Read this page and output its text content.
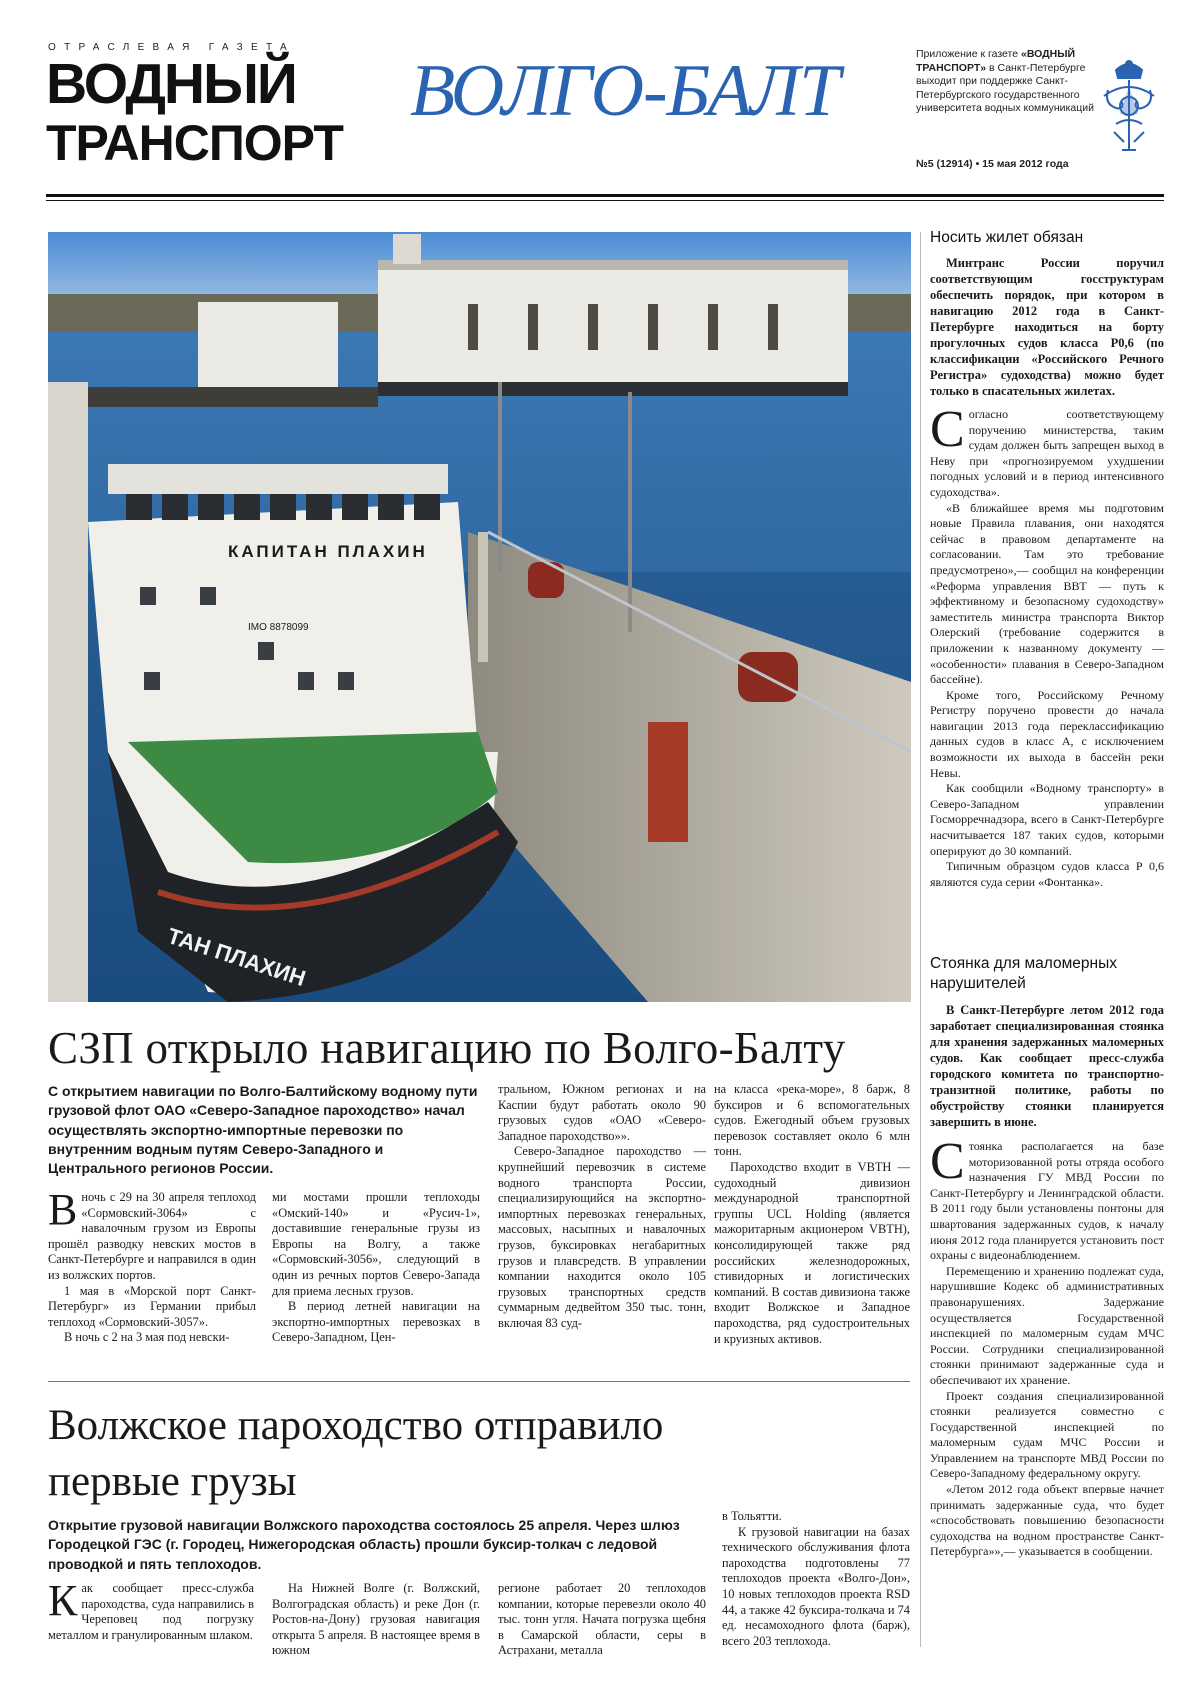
ОТРАСЛЕВАЯ ГАЗЕТА
ВОДНЫЙ
ТРАНСПОРТ
ВОЛГО-БАЛТ	Приложение к газете «ВОДНЫЙ ТРАНСПОРТ» в Санкт-Петербурге выходит при поддержке Санкт-Петербургского государственного университета водных коммуникаций
№5 (12914) • 15 мая 2012 года
КАПИТАН ПЛАХИН
IMO 8878099
ТАН ПЛАХИН
Носить жилет обязан

Минтранс России поручил соответствующим госструктурам обеспечить порядок, при котором в навигацию 2012 года в Санкт-Петербурге находиться на борту прогулочных судов класса Р0,6 (по классификации «Российского Речного Регистра» судоходства) можно будет только в спасательных жилетах.

Согласно соответствующему поручению министерства, таким судам должен быть запрещен выход в Неву при «прогнозируемом ухудшении погодных условий и в период интенсивного судоходства».

«В ближайшее время мы подготовим новые Правила плавания, они находятся сейчас в правовом департаменте на согласовании. Там это требование предусмотрено»,— сообщил на конференции «Реформа управления ВВТ — путь к эффективному и безопасному судоходству» заместитель министра транспорта Виктор Олерский (требование содержится в приложении к названному документу — «особенности» плавания в Северо-Западном бассейне).

Кроме того, Российскому Речному Регистру поручено провести до начала навигации 2013 года переклассификацию данных судов в класс А, с исключением возможности их выхода в бассейн реки Невы.

Как сообщили «Водному транспорту» в Северо-Западном управлении Госморречнадзора, всего в Санкт-Петербурге насчитывается 187 таких судов, которыми оперируют до 30 компаний.

Типичным образцом судов класса Р 0,6 являются суда серии «Фонтанка».

Стоянка для маломерных нарушителей

В Санкт-Петербурге летом 2012 года заработает специализированная стоянка для хранения задержанных маломерных судов. Как сообщает пресс-служба городского комитета по транспортно-транзитной политике, работы по обустройству стоянки планируется завершить в июне.

Стоянка располагается на базе моторизованной роты отряда особого назначения ГУ МВД России по Санкт-Петербургу и Ленинградской области. В 2011 году были установлены понтоны для швартования задержанных судов, к началу июня 2012 года планируется установить пост охраны с видеонаблюдением.

Перемещению и хранению подлежат суда, нарушившие Кодекс об административных правонарушениях. Задержание осуществляется Государственной инспекцией по маломерным судам МЧС России. Сотрудники специализированной стоянки принимают задержанные суда и обеспечивают их хранение.

Проект создания специализированной стоянки реализуется совместно с Государственной инспекцией по маломерным судам МЧС России и Управлением на транспорте МВД России по Северо-Западному федеральному округу.

«Летом 2012 года объект впервые начнет принимать задержанные суда, что будет «способствовать повышению безопасности судоходства на водном пространстве Санкт-Петербурга»»,— указывается в сообщении.

СЗП открыло навигацию по Волго-Балту

С открытием навигации по Волго-Балтийскому водному пути грузовой флот ОАО «Северо-Западное пароходство» начал осуществлять экспортно-импортные перевозки по внутренним водным путям Северо-Западного и Центрального регионов России.

Вночь с 29 на 30 апреля теплоход «Сормовский-3064» с навалочным грузом из Европы прошёл разводку невских мостов в Санкт-Петербурге и направился в один из волжских портов.

1 мая в «Морской порт Санкт-Петербург» из Германии прибыл теплоход «Сормовский-3057».

В ночь с 2 на 3 мая под невски-

ми мостами прошли теплоходы «Омский-140» и «Русич-1», доставившие генеральные грузы из Европы на Волгу, а также «Сормовский-3056», следующий в один из речных портов Северо-Запада для приема лесных грузов.

В период летней навигации на экспортно-импортных перевозках в Северо-Западном, Цен-

тральном, Южном регионах и на Каспии будут работать около 90 грузовых судов «ОАО «Северо-Западное пароходство»».

Северо-Западное пароходство — крупнейший перевозчик в системе водного транспорта России, специализирующийся на экспортно-импортных перевозках генеральных, массовых, насыпных и навалочных грузов, буксировках негабаритных грузов и плавсредств. В управлении компании находится около 105 грузовых транспортных средств суммарным дедвейтом 350 тыс. тонн, включая 83 суд-

на класса «река-море», 8 барж, 8 буксиров и 6 вспомогательных судов. Ежегодный объем грузовых перевозок составляет около 6 млн тонн.

Пароходство входит в VBTH — судоходный дивизион международной транспортной группы UCL Holding (является мажоритарным акционером VBTH), консолидирующей также ряд российских железнодорожных, стивидорных и логистических компаний. В состав дивизиона также входит Волжское и Западное пароходства, ряд судостроительных и круизных активов.

Волжское пароходство отправило первые грузы

Открытие грузовой навигации Волжского пароходства состоялось 25 апреля. Через шлюз Городецкой ГЭС (г. Городец, Нижегородская область) прошли буксир-толкач с ледовой проводкой и пять теплоходов.

Как сообщает пресс-служба пароходства, суда направились в Череповец под погрузку металлом и гранулированным шлаком.

На Нижней Волге (г. Волжский, Волгоградская область) и реке Дон (г. Ростов-на-Дону) грузовая навигация открыта 5 апреля. В настоящее время в южном

регионе работает 20 теплоходов компании, которые перевезли около 40 тыс. тонн угля. Начата погрузка щебня в Самарской области, серы в Астрахани, металла

в Тольятти.

К грузовой навигации на базах технического обслуживания флота пароходства подготовлены 77 теплоходов проекта «Волго-Дон», 10 новых теплоходов проекта RSD 44, а также 42 буксира-толкача и 74 ед. несамоходного флота (барж), всего 203 теплохода.
